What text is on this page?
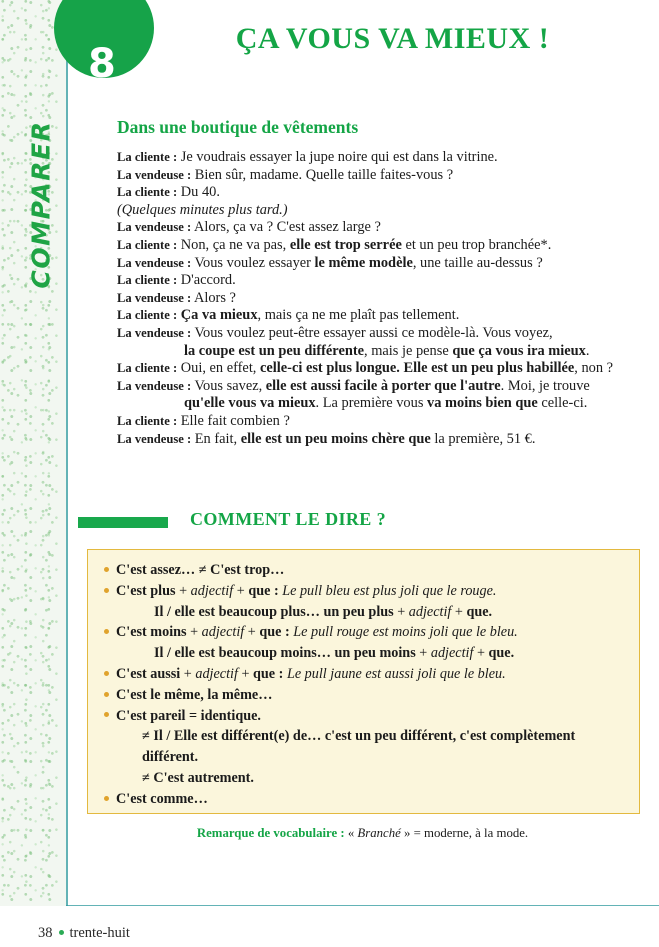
COMPARER
8
ÇA VOUS VA MIEUX !
Dans une boutique de vêtements
La cliente : Je voudrais essayer la jupe noire qui est dans la vitrine.
La vendeuse : Bien sûr, madame. Quelle taille faites-vous ?
La cliente : Du 40.
(Quelques minutes plus tard.)
La vendeuse : Alors, ça va ? C'est assez large ?
La cliente : Non, ça ne va pas, elle est trop serrée et un peu trop branchée*.
La vendeuse : Vous voulez essayer le même modèle, une taille au-dessus ?
La cliente : D'accord.
La vendeuse : Alors ?
La cliente : Ça va mieux, mais ça ne me plaît pas tellement.
La vendeuse : Vous voulez peut-être essayer aussi ce modèle-là. Vous voyez,
la coupe est un peu différente, mais je pense que ça vous ira mieux.
La cliente : Oui, en effet, celle-ci est plus longue. Elle est un peu plus habillée, non ?
La vendeuse : Vous savez, elle est aussi facile à porter que l'autre. Moi, je trouve
qu'elle vous va mieux. La première vous va moins bien que celle-ci.
La cliente : Elle fait combien ?
La vendeuse : En fait, elle est un peu moins chère que la première, 51 €.
COMMENT LE DIRE ?
C'est assez… ≠ C'est trop…
C'est plus + adjectif + que : Le pull bleu est plus joli que le rouge.
Il / elle est beaucoup plus… un peu plus + adjectif + que.
C'est moins + adjectif + que : Le pull rouge est moins joli que le bleu.
Il / elle est beaucoup moins… un peu moins + adjectif + que.
C'est aussi + adjectif + que : Le pull jaune est aussi joli que le bleu.
C'est le même, la même…
C'est pareil = identique.
≠ Il / Elle est différent(e) de… c'est un peu différent, c'est complètement
différent.
≠ C'est autrement.
C'est comme…
Remarque de vocabulaire : « Branché » = moderne, à la mode.
38 trente-huit
